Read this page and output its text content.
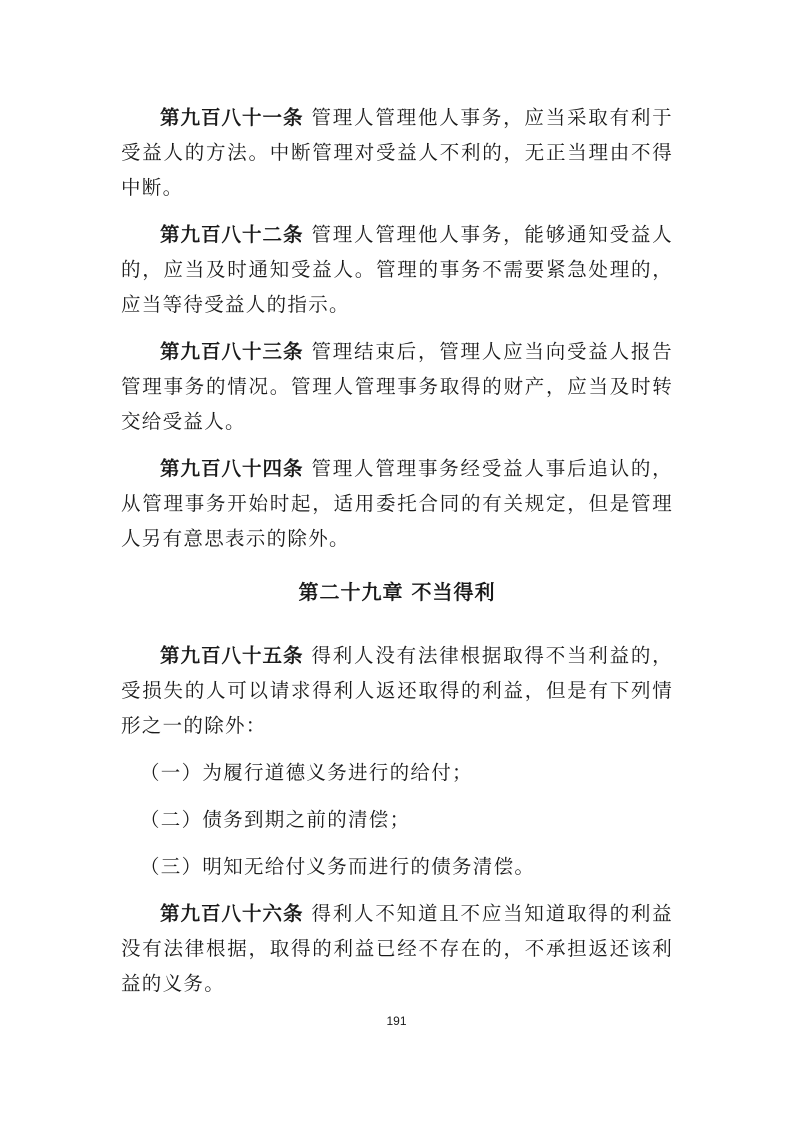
第九百八十一条 管理人管理他人事务，应当采取有利于受益人的方法。中断管理对受益人不利的，无正当理由不得中断。

第九百八十二条 管理人管理他人事务，能够通知受益人的，应当及时通知受益人。管理的事务不需要紧急处理的，应当等待受益人的指示。

第九百八十三条 管理结束后，管理人应当向受益人报告管理事务的情况。管理人管理事务取得的财产，应当及时转交给受益人。

第九百八十四条 管理人管理事务经受益人事后追认的，从管理事务开始时起，适用委托合同的有关规定，但是管理人另有意思表示的除外。

第二十九章 不当得利

第九百八十五条 得利人没有法律根据取得不当利益的，受损失的人可以请求得利人返还取得的利益，但是有下列情形之一的除外：

（一）为履行道德义务进行的给付；

（二）债务到期之前的清偿；

（三）明知无给付义务而进行的债务清偿。

第九百八十六条 得利人不知道且不应当知道取得的利益没有法律根据，取得的利益已经不存在的，不承担返还该利益的义务。

191
